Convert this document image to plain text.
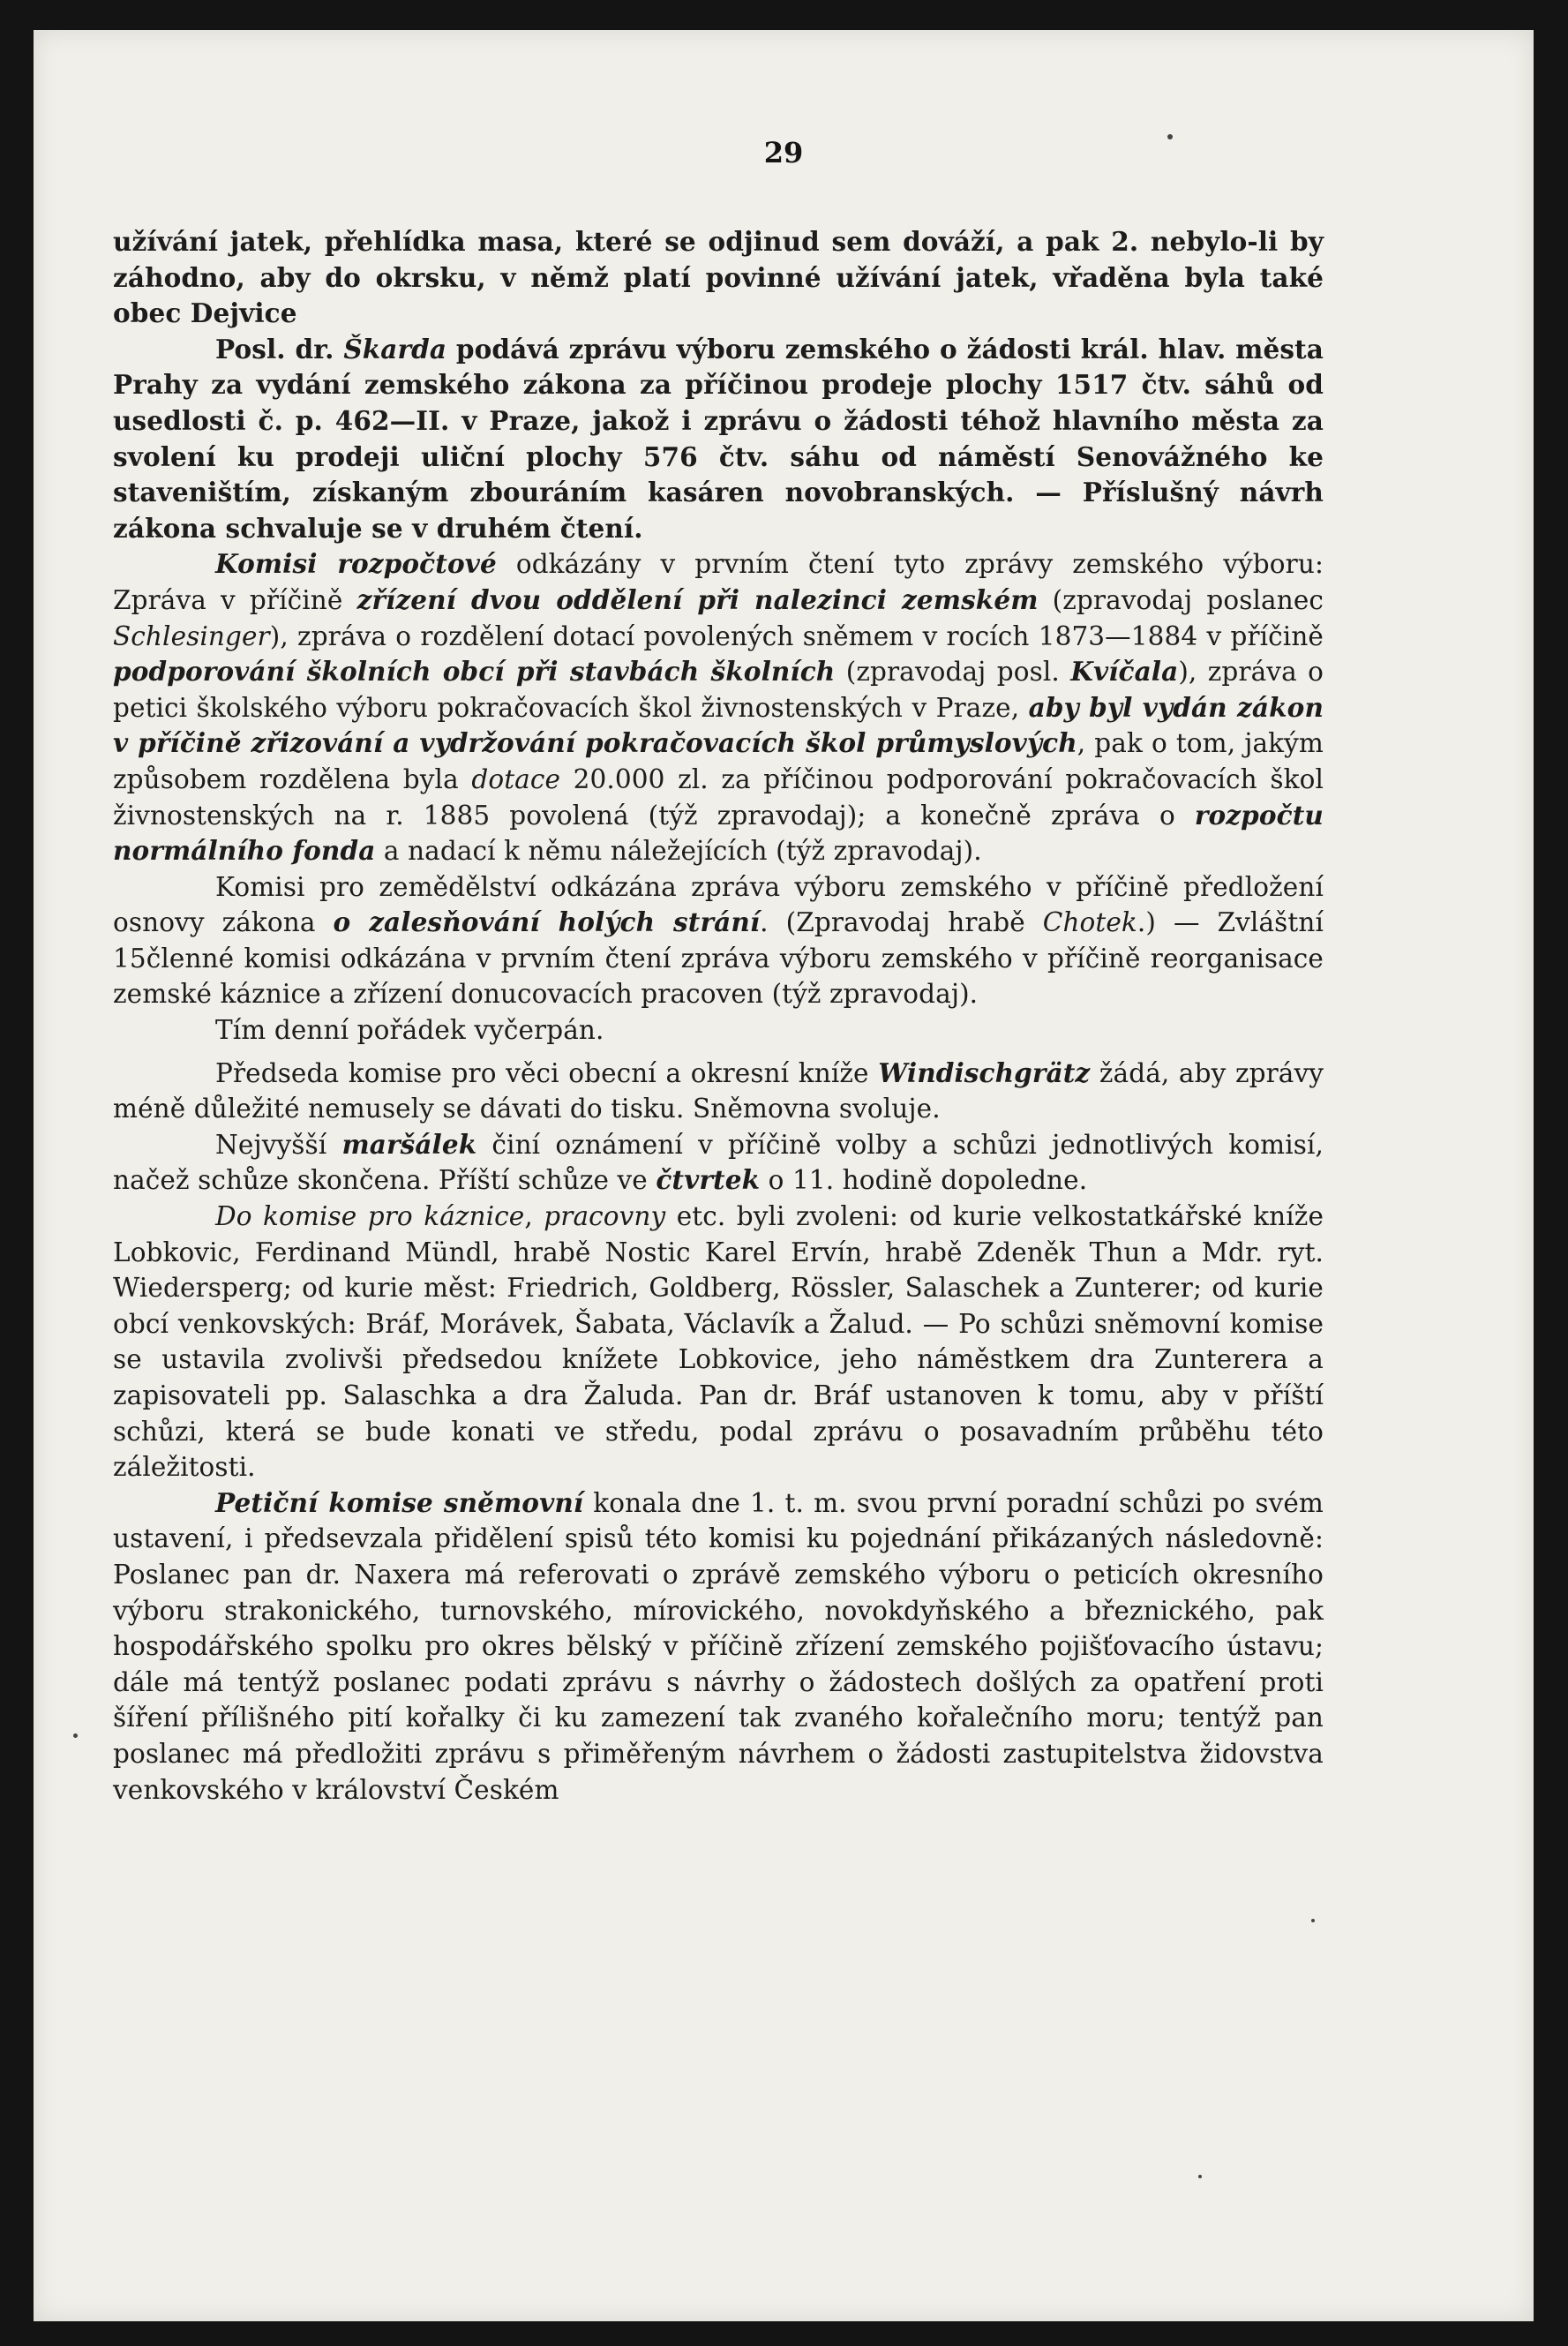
29

užívání jatek, přehlídka masa, které se odjinud sem dováží, a pak 2. nebylo-li by záhodno, aby do okrsku, v němž platí povinné užívání jatek, vřaděna byla také obec Dejvice

Posl. dr. Škarda podává zprávu výboru zemského o žádosti král. hlav. města Prahy za vydání zemského zákona za příčinou prodeje plochy 1517 čtv. sáhů od usedlosti č. p. 462—II. v Praze, jakož i zprávu o žádosti téhož hlavního města za svolení ku prodeji uliční plochy 576 čtv. sáhu od náměstí Senovážného ke staveništím, získaným zbouráním kasáren novobranských. — Příslušný návrh zákona schvaluje se v druhém čtení.

Komisi rozpočtové odkázány v prvním čtení tyto zprávy zemského výboru: Zpráva v příčině zřízení dvou oddělení při nalezinci zemském (zpravodaj poslanec Schlesinger), zpráva o rozdělení dotací povolených sněmem v rocích 1873—1884 v příčině podporování školních obcí při stavbách školních (zpravodaj posl. Kvíčala), zpráva o petici školského výboru pokračovacích škol živnostenských v Praze, aby byl vydán zákon v příčině zřizování a vydržování pokračovacích škol průmyslových, pak o tom, jakým způsobem rozdělena byla dotace 20.000 zl. za příčinou podporování pokračovacích škol živnostenských na r. 1885 povolená (týž zpravodaj); a konečně zpráva o rozpočtu normálního fonda a nadací k němu náležejících (týž zpravodaj).

Komisi pro zemědělství odkázána zpráva výboru zemského v příčině předložení osnovy zákona o zalesňování holých strání. (Zpravodaj hrabě Chotek.) — Zvláštní 15členné komisi odkázána v prvním čtení zpráva výboru zemského v příčině reorganisace zemské káznice a zřízení donucovacích pracoven (týž zpravodaj).

Tím denní pořádek vyčerpán.

Předseda komise pro věci obecní a okresní kníže Windischgrätz žádá, aby zprávy méně důležité nemusely se dávati do tisku. Sněmovna svoluje.

Nejvyšší maršálek činí oznámení v příčině volby a schůzi jednotlivých komisí, načež schůze skončena. Příští schůze ve čtvrtek o 11. hodině dopoledne.

Do komise pro káznice, pracovny etc. byli zvoleni: od kurie velkostatkářské kníže Lobkovic, Ferdinand Mündl, hrabě Nostic Karel Ervín, hrabě Zdeněk Thun a Mdr. ryt. Wiedersperg; od kurie měst: Friedrich, Goldberg, Rössler, Salaschek a Zunterer; od kurie obcí venkovských: Bráf, Morávek, Šabata, Václavík a Žalud. — Po schůzi sněmovní komise se ustavila zvolivši předsedou knížete Lobkovice, jeho náměstkem dra Zunterera a zapisovateli pp. Salaschka a dra Žaluda. Pan dr. Bráf ustanoven k tomu, aby v příští schůzi, která se bude konati ve středu, podal zprávu o posavadním průběhu této záležitosti.

Petiční komise sněmovní konala dne 1. t. m. svou první poradní schůzi po svém ustavení, i předsevzala přidělení spisů této komisi ku pojednání přikázaných následovně: Poslanec pan dr. Naxera má referovati o zprávě zemského výboru o peticích okresního výboru strakonického, turnovského, mírovického, novokdyňského a březnického, pak hospodářského spolku pro okres bělský v příčině zřízení zemského pojišťovacího ústavu; dále má tentýž poslanec podati zprávu s návrhy o žádostech došlých za opatření proti šíření přílišného pití kořalky či ku zamezení tak zvaného kořalečního moru; tentýž pan poslanec má předložiti zprávu s přiměřeným návrhem o žádosti zastupitelstva židovstva venkovského v království Českém
